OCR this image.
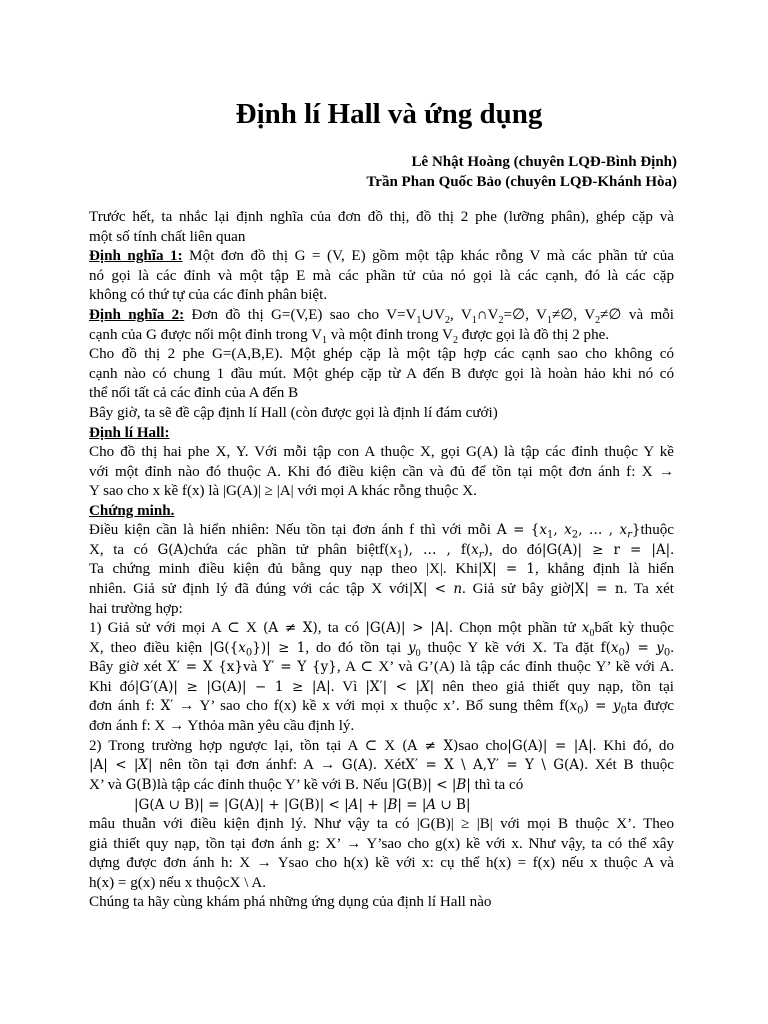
Định lí Hall và ứng dụng
Lê Nhật Hoàng (chuyên LQĐ-Bình Định)
Trần Phan Quốc Bảo (chuyên LQĐ-Khánh Hòa)
Trước hết, ta nhắc lại định nghĩa của đơn đồ thị, đồ thị 2 phe (lưỡng phân), ghép cặp và
một số tính chất liên quan
Định nghĩa 1: Một đơn đồ thị G = (V, E) gồm một tập khác rỗng V mà các phần tử của
nó gọi là các đỉnh và một tập E mà các phần tử của nó gọi là các cạnh, đó là các cặp
không có thứ tự của các đỉnh phân biệt.
Định nghĩa 2: Đơn đồ thị G=(V,E) sao cho $V=V_1\cup V_2$, $V_1\cap V_2=\emptyset$, $V_1\ne\emptyset$, $V_2\ne\emptyset$ và mỗi
cạnh của G được nối một đỉnh trong $V_1$ và một đỉnh trong $V_2$ được gọi là đồ thị 2 phe.
Cho đồ thị 2 phe G=(A,B,E). Một ghép cặp là một tập hợp các cạnh sao cho không có
cạnh nào có chung 1 đầu mút. Một ghép cặp từ A đến B được gọi là hoàn hảo khi nó có
thể nối tất cả các đỉnh của A đến B
Bây giờ, ta sẽ đề cập định lí Hall (còn được gọi là định lí đám cưới)
Định lí Hall:
Cho đồ thị hai phe X, Y. Với mỗi tập con A thuộc X, gọi G(A) là tập các đỉnh thuộc Y kề
với một đỉnh nào đó thuộc A. Khi đó điều kiện cần và đủ để tồn tại một đơn ánh f: X →
Y sao cho x kề f(x) là |G(A)| ≥ |A| với mọi A khác rỗng thuộc X.
Chứng minh.
Điều kiện cần là hiển nhiên: Nếu tồn tại đơn ánh f thì với mỗi $A = \{x_1$, $x_2$, … , $x_r\}thuộc$
X, ta có G(A)chứa các phần tử phân $biệtf(x_1)$, … , $f(x_r)$, do đó|G(A)| ≥ r = |A|.
Ta chứng minh điều kiện đủ bằng quy nạp theo |X|. Khi|X| = 1, khẳng định là hiển
nhiên. Giả sử định lý đã đúng với các tập X với|X| < n. Giả sử bây giờ|X| = n. Ta xét
hai trường hợp:
1) Giả sử với mọi A ⊂ X (A ≠ X), ta có |G(A)| > |A|. Chọn một phần tử $x_0bất$ kỳ thuộc
X, theo điều kiện $|G(\{x_0\})| \ge 1$, do đó tồn tại $y_0$ thuộc Y kề với X. Ta đặt $f(x_0) = y_0$.
Bây giờ xét X′ = X {x}và Y′ = Y {y}, A ⊂ X’ và G’(A) là tập các đỉnh thuộc Y’ kề với A.
Khi đó|G′(A)| ≥ |G(A)| − 1 ≥ |A|. Vì |X′| < |X| nên theo giả thiết quy nạp, tồn tại
đơn ánh f: X′ → Y’ sao cho f(x) kề x với mọi x thuộc x’. Bổ sung thêm $f(x_0) = y_0ta$ được
đơn ánh f: X → Ythỏa mãn yêu cầu định lý.
2) Trong trường hợp ngược lại, tồn tại A ⊂ X (A ≠ X)sao cho|G(A)| = |A|. Khi đó, do
|A| < |X| nên tồn tại đơn ánhf: A → G(A). XétX′ = X \ A,Y′ = Y \ G(A). Xét B thuộc
X’ và G(B)là tập các đỉnh thuộc Y’ kề với B. Nếu |G(B)| < |B| thì ta có
|G(A ∪ B)| = |G(A)| + |G(B)| < |A| + |B| = |A ∪ B|
mâu thuẫn với điều kiện định lý. Như vậy ta có |G(B)| ≥ |B| với mọi B thuộc X’. Theo
giả thiết quy nạp, tồn tại đơn ánh g: X’ → Y’sao cho g(x) kề với x. Như vậy, ta có thể xây
dựng được đơn ánh h: X → Ysao cho h(x) kề với x: cụ thể h(x) = f(x) nếu x thuộc A và
h(x) = g(x) nếu x thuộcX \ A.
Chúng ta hãy cùng khám phá những ứng dụng của định lí Hall nào
